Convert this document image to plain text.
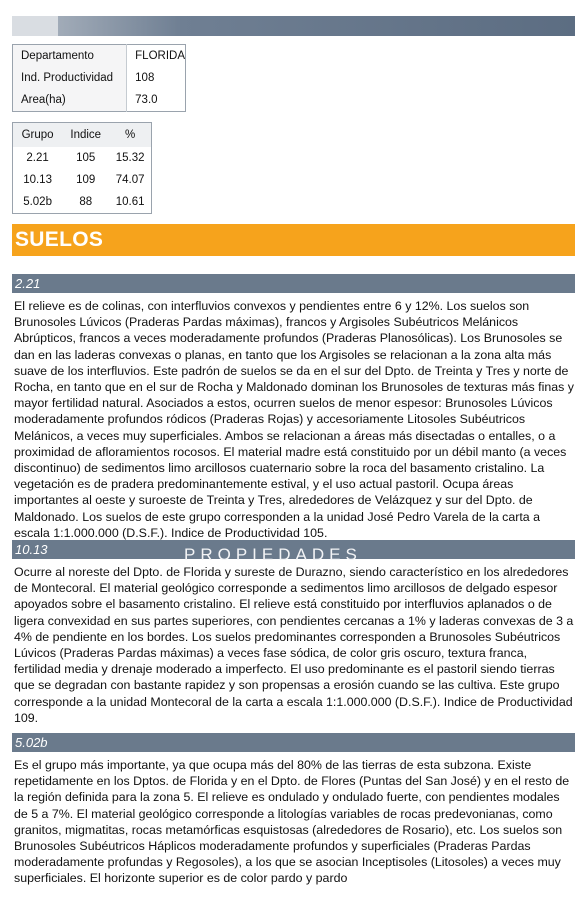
Departamento	FLORIDA
Ind. Productividad	108
Area(ha)	73.0
Grupo	Indice	%
2.21	105	15.32
10.13	109	74.07
5.02b	88	10.61
SUELOS
2.21

El relieve es de colinas, con interfluvios convexos y pendientes entre 6 y 12%. Los suelos son Brunosoles Lúvicos (Praderas Pardas máximas), francos y Argisoles Subéutricos Melánicos Abrúpticos, francos a veces moderadamente profundos (Praderas Planosólicas). Los Brunosoles se dan en las laderas convexas o planas, en tanto que los Argisoles se relacionan a la zona alta más suave de los interfluvios. Este padrón de suelos se da en el sur del Dpto. de Treinta y Tres y norte de Rocha, en tanto que en el sur de Rocha y Maldonado dominan los Brunosoles de texturas más finas y mayor fertilidad natural. Asociados a estos, ocurren suelos de menor espesor: Brunosoles Lúvicos moderadamente profundos ródicos (Praderas Rojas) y accesoriamente Litosoles Subéutricos Melánicos, a veces muy superficiales. Ambos se relacionan a áreas más disectadas o entalles, o a proximidad de afloramientos rocosos. El material madre está constituido por un débil manto (a veces discontinuo) de sedimentos limo arcillosos cuaternario sobre la roca del basamento cristalino. La vegetación es de pradera predominantemente estival, y el uso actual pastoril. Ocupa áreas importantes al oeste y suroeste de Treinta y Tres, alrededores de Velázquez y sur del Dpto. de Maldonado. Los suelos de este grupo corresponden a la unidad José Pedro Varela de la carta a escala 1:1.000.000 (D.S.F.). Indice de Productividad 105.

10.13	PROPIEDADES

Ocurre al noreste del Dpto. de Florida y sureste de Durazno, siendo característico en los alrededores de Montecoral. El material geológico corresponde a sedimentos limo arcillosos de delgado espesor apoyados sobre el basamento cristalino. El relieve está constituido por interfluvios aplanados o de ligera convexidad en sus partes superiores, con pendientes cercanas a 1% y laderas convexas de 3 a 4% de pendiente en los bordes. Los suelos predominantes corresponden a Brunosoles Subéutricos Lúvicos (Praderas Pardas máximas) a veces fase sódica, de color gris oscuro, textura franca, fertilidad media y drenaje moderado a imperfecto. El uso predominante es el pastoril siendo tierras que se degradan con bastante rapidez y son propensas a erosión cuando se las cultiva. Este grupo corresponde a la unidad Montecoral de la carta a escala 1:1.000.000 (D.S.F.). Indice de Productividad 109.

5.02b

Es el grupo más importante, ya que ocupa más del 80% de las tierras de esta subzona. Existe repetidamente en los Dptos. de Florida y en el Dpto. de Flores (Puntas del San José) y en el resto de la región definida para la zona 5. El relieve es ondulado y ondulado fuerte, con pendientes modales de 5 a 7%. El material geológico corresponde a litologías variables de rocas predevonianas, como granitos, migmatitas, rocas metamórficas esquistosas (alrededores de Rosario), etc. Los suelos son Brunosoles Subéutricos Háplicos moderadamente profundos y superficiales (Praderas Pardas moderadamente profundas y Regosoles), a los que se asocian Inceptisoles (Litosoles) a veces muy superficiales. El horizonte superior es de color pardo y pardo
